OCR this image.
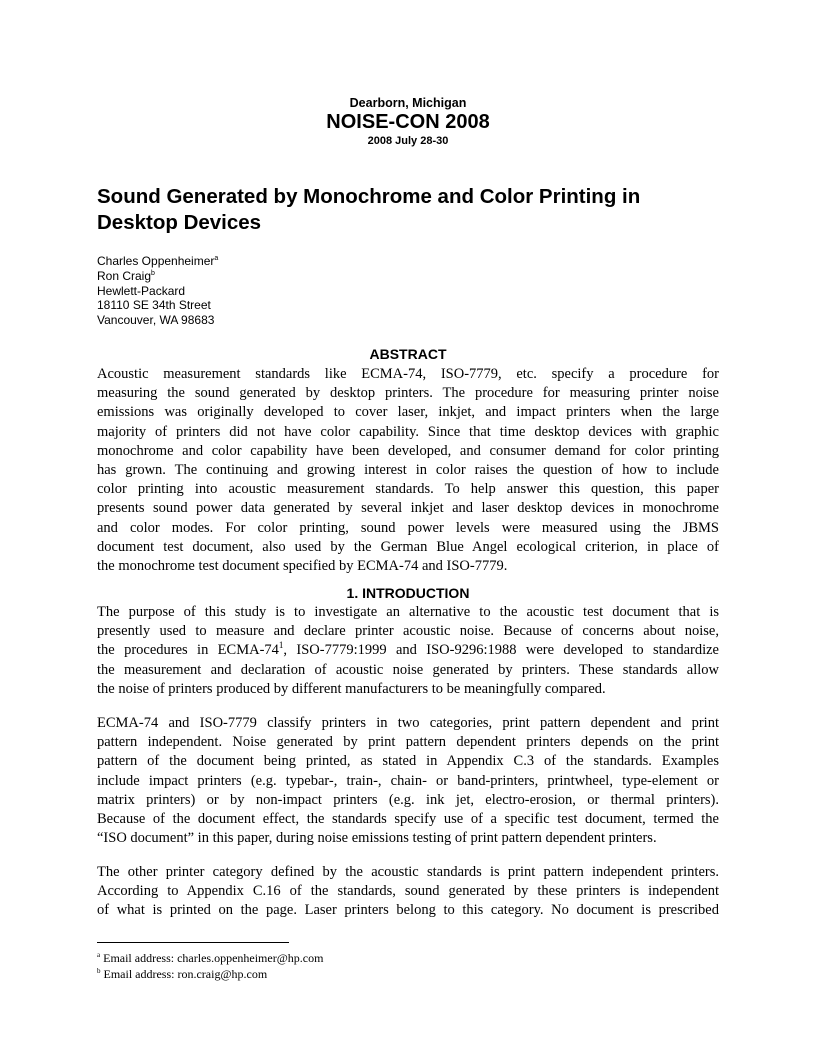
Dearborn, Michigan
NOISE-CON 2008
2008 July 28-30
Sound Generated by Monochrome and Color Printing in
Desktop Devices
Charles Oppenheimer$^a$
Ron Craig$^b$
Hewlett-Packard
18110 SE 34th Street
Vancouver, WA 98683
ABSTRACT
Acoustic measurement standards like ECMA-74, ISO-7779, etc. specify a procedure for
measuring the sound generated by desktop printers. The procedure for measuring printer noise
emissions was originally developed to cover laser, inkjet, and impact printers when the large
majority of printers did not have color capability. Since that time desktop devices with graphic
monochrome and color capability have been developed, and consumer demand for color printing
has grown. The continuing and growing interest in color raises the question of how to include
color printing into acoustic measurement standards. To help answer this question, this paper
presents sound power data generated by several inkjet and laser desktop devices in monochrome
and color modes. For color printing, sound power levels were measured using the JBMS
document test document, also used by the German Blue Angel ecological criterion, in place of
the monochrome test document specified by ECMA-74 and ISO-7779.
1. INTRODUCTION
The purpose of this study is to investigate an alternative to the acoustic test document that is
presently used to measure and declare printer acoustic noise. Because of concerns about noise,
the procedures in ECMA-$74^1$, ISO-7779:1999 and ISO-9296:1988 were developed to standardize
the measurement and declaration of acoustic noise generated by printers. These standards allow
the noise of printers produced by different manufacturers to be meaningfully compared.
ECMA-74 and ISO-7779 classify printers in two categories, print pattern dependent and print
pattern independent. Noise generated by print pattern dependent printers depends on the print
pattern of the document being printed, as stated in Appendix C.3 of the standards. Examples
include impact printers (e.g. typebar-, train-, chain- or band-printers, printwheel, type-element or
matrix printers) or by non-impact printers (e.g. ink jet, electro-erosion, or thermal printers).
Because of the document effect, the standards specify use of a specific test document, termed the
“ISO document” in this paper, during noise emissions testing of print pattern dependent printers.
The other printer category defined by the acoustic standards is print pattern independent printers.
According to Appendix C.16 of the standards, sound generated by these printers is independent
of what is printed on the page. Laser printers belong to this category. No document is prescribed
$^a$ Email address: charles.oppenheimer@hp.com
$^b$ Email address: ron.craig@hp.com
